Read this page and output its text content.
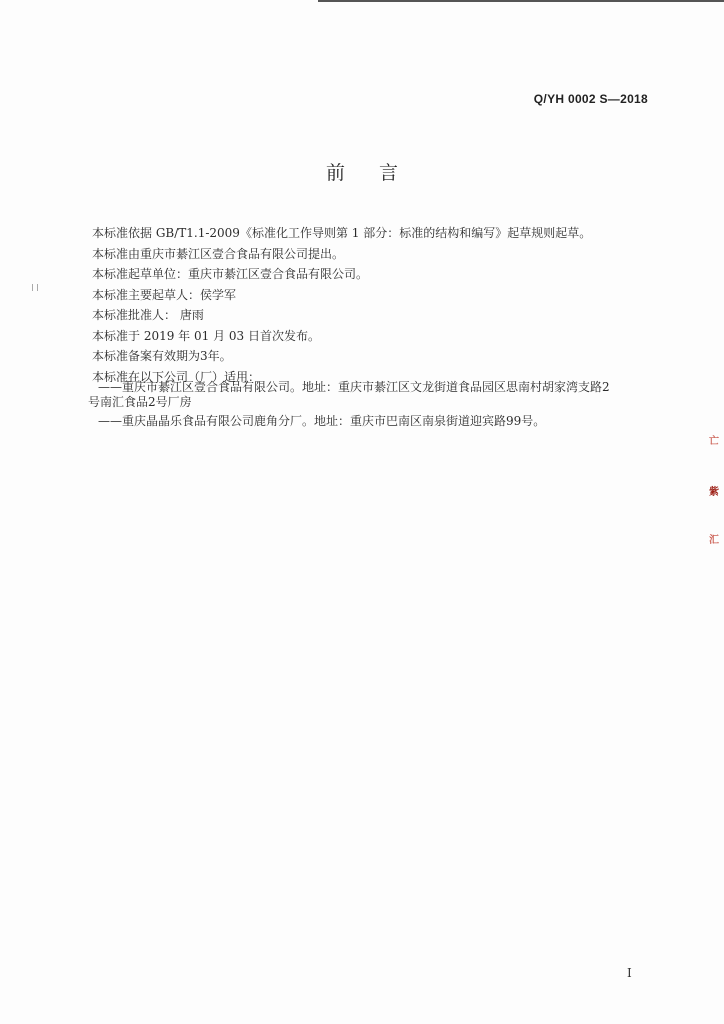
Q/YH 0002 S—2018
前言

本标准依据 GB/T1.1-2009《标准化工作导则第 1 部分：标准的结构和编写》起草规则起草。

本标准由重庆市綦江区壹合食品有限公司提出。

本标准起草单位：重庆市綦江区壹合食品有限公司。

本标准主要起草人：侯学军

本标准批准人： 唐雨

本标准于 2019 年 01 月 03 日首次发布。

本标准备案有效期为3年。

本标准在以下公司（厂）适用：

——重庆市綦江区壹合食品有限公司。地址：重庆市綦江区文龙街道食品园区思南村胡家湾支路2

号南汇食品2号厂房

——重庆晶晶乐食品有限公司鹿角分厂。地址：重庆市巴南区南泉街道迎宾路99号。

亡
紫
汇
I
